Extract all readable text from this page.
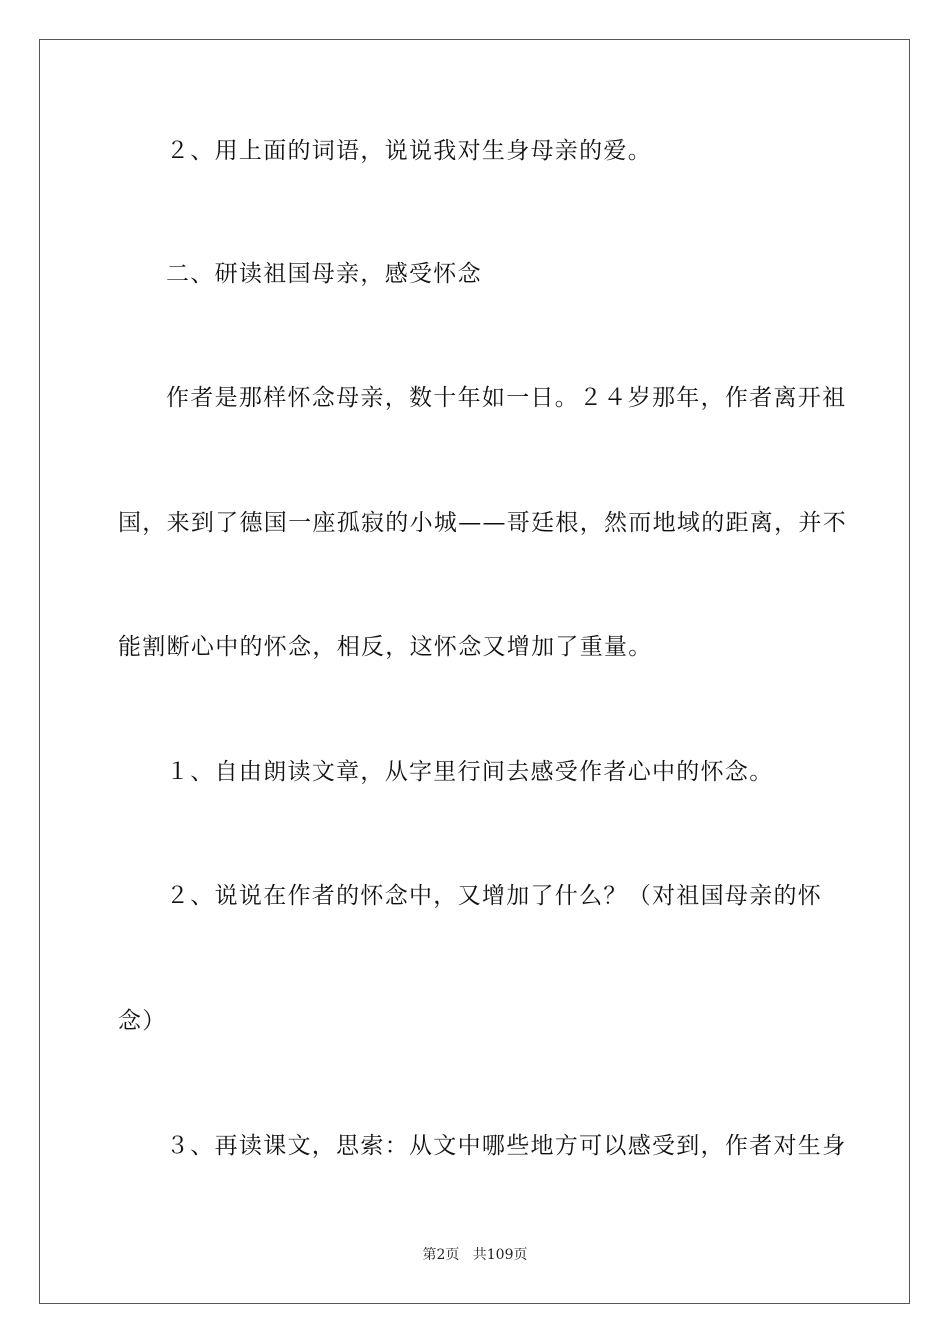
２、用上面的词语，说说我对生身母亲的爱。
二、研读祖国母亲，感受怀念
作者是那样怀念母亲，数十年如一日。２４岁那年，作者离开祖
国，来到了德国一座孤寂的小城——哥廷根，然而地域的距离，并不
能割断心中的怀念，相反，这怀念又增加了重量。
１、自由朗读文章，从字里行间去感受作者心中的怀念。
２、说说在作者的怀念中，又增加了什么？（对祖国母亲的怀
念）
３、再读课文，思索：从文中哪些地方可以感受到，作者对生身
第2页 共109页
